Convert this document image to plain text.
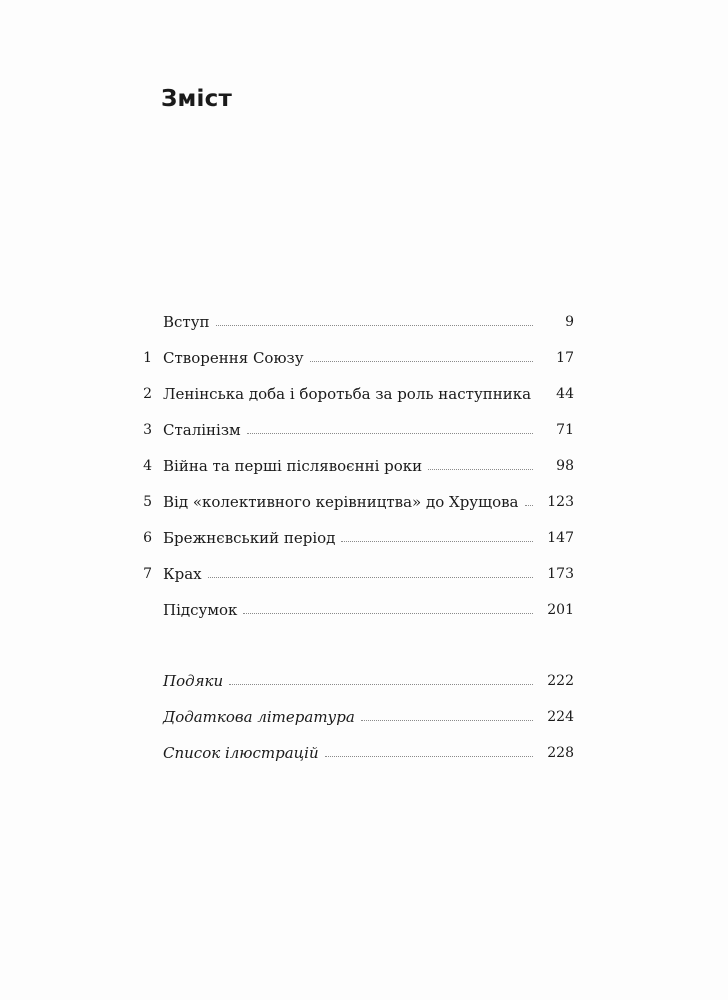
Зміст
Вступ	9
1 Створення Союзу	17
2 Ленінська доба і боротьба за роль наступника	44
3 Сталінізм	71
4 Війна та перші післявоєнні роки	98
5 Від «колективного керівництва» до Хрущова	123
6 Брежнєвський період	147
7 Крах	173
Підсумок	201
Подяки	222
Додаткова література	224
Список ілюстрацій	228
